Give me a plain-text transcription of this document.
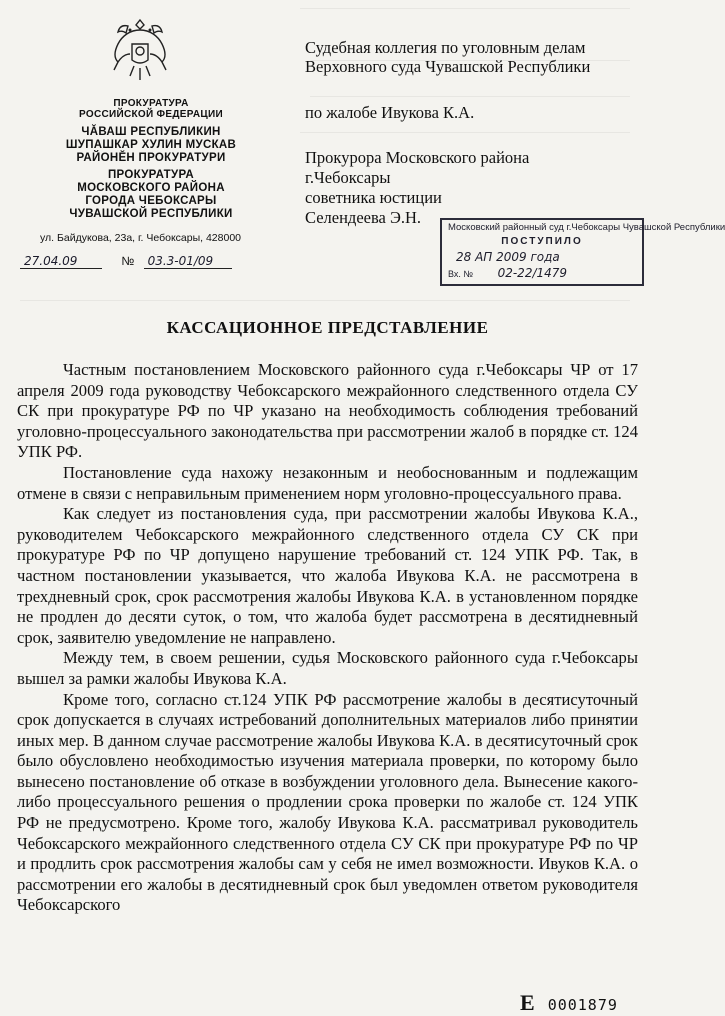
ПРОКУРАТУРА
РОССИЙСКОЙ ФЕДЕРАЦИИ
ЧĂВАШ РЕСПУБЛИКИН
ШУПАШКАР ХУЛИН МУСКАВ
РАЙОНĔН ПРОКУРАТУРИ
ПРОКУРАТУРА
МОСКОВСКОГО РАЙОНА
ГОРОДА ЧЕБОКСАРЫ
ЧУВАШСКОЙ РЕСПУБЛИКИ
ул. Байдукова, 23а, г. Чебоксары, 428000
27.04.09	№ 03.3-01/09
Судебная коллегия по уголовным делам
Верховного суда Чувашской Республики
по жалобе Ивукова К.А.
Прокурора Московского района
г.Чебоксары
советника юстиции
Селендеева Э.Н.
Московский районный суд г.Чебоксары Чувашской Республики
ПОСТУПИЛО
28 АП 2009 года
Вх. № 02-22/1479
КАССАЦИОННОЕ ПРЕДСТАВЛЕНИЕ

Частным постановлением Московского районного суда г.Чебоксары ЧР от 17 апреля 2009 года руководству Чебоксарского межрайонного следственного отдела СУ СК при прокуратуре РФ по ЧР указано на необходимость соблюдения требований уголовно-процессуального законодательства при рассмотрении жалоб в порядке ст. 124 УПК РФ.

Постановление суда нахожу незаконным и необоснованным и подлежащим отмене в связи с неправильным применением норм уголовно-процессуального права.

Как следует из постановления суда, при рассмотрении жалобы Ивукова К.А., руководителем Чебоксарского межрайонного следственного отдела СУ СК при прокуратуре РФ по ЧР допущено нарушение требований ст. 124 УПК РФ. Так, в частном постановлении указывается, что жалоба Ивукова К.А. не рассмотрена в трехдневный срок, срок рассмотрения жалобы Ивукова К.А. в установленном порядке не продлен до десяти суток, о том, что жалоба будет рассмотрена в десятидневный срок, заявителю уведомление не направлено.

Между тем, в своем решении, судья Московского районного суда г.Чебоксары вышел за рамки жалобы Ивукова К.А.

Кроме того, согласно ст.124 УПК РФ рассмотрение жалобы в десятисуточный срок допускается в случаях истребований дополнительных материалов либо принятии иных мер. В данном случае рассмотрение жалобы Ивукова К.А. в десятисуточный срок было обусловлено необходимостью изучения материала проверки, по которому было вынесено постановление об отказе в возбуждении уголовного дела. Вынесение какого-либо процессуального решения о продлении срока проверки по жалобе ст. 124 УПК РФ не предусмотрено. Кроме того, жалобу Ивукова К.А. рассматривал руководитель Чебоксарского межрайонного следственного отдела СУ СК при прокуратуре РФ по ЧР и продлить срок рассмотрения жалобы сам у себя не имел возможности. Ивуков К.А. о рассмотрении его жалобы в десятидневный срок был уведомлен ответом руководителя Чебоксарского

Е 0001879
